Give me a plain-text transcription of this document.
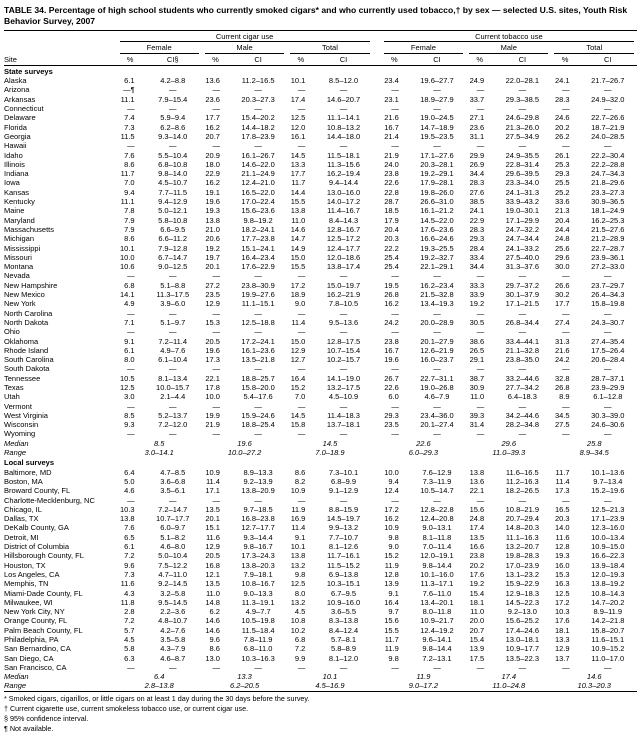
TABLE 34. Percentage of high school students who currently smoked cigars* and who currently used tobacco,† by sex — selected U.S. sites, Youth Risk Behavior Survey, 2007

	Current cigar use							Current tobacco use					

	Female		Male		Total			Female		Male		Total	

Site	%	CI§	%	CI	%	CI		%	CI	%	CI	%	CI
State surveys													
Alaska	6.1	4.2–8.8	13.6	11.2–16.5	10.1	8.5–12.0		23.4	19.6–27.7	24.9	22.0–28.1	24.1	21.7–26.7
Arizona	—¶	—	—	—	—	—		—	—	—	—	—	—
Arkansas	11.1	7.9–15.4	23.6	20.3–27.3	17.4	14.6–20.7		23.1	18.9–27.9	33.7	29.3–38.5	28.3	24.9–32.0
Connecticut	—	—	—	—	—	—		—	—	—	—	—	—
Delaware	7.4	5.9–9.4	17.7	15.4–20.2	12.5	11.1–14.1		21.6	19.0–24.5	27.1	24.6–29.8	24.6	22.7–26.6
Florida	7.3	6.2–8.6	16.2	14.4–18.2	12.0	10.8–13.2		16.7	14.7–18.9	23.6	21.3–26.0	20.2	18.7–21.9
Georgia	11.5	9.3–14.0	20.7	17.8–23.9	16.1	14.4–18.0		21.4	19.5–23.5	31.1	27.5–34.9	26.2	24.0–28.5
Hawaii	—	—	—	—	—	—		—	—	—	—	—	—
Idaho	7.6	5.5–10.4	20.9	16.1–26.7	14.5	11.5–18.1		21.9	17.1–27.6	29.9	24.9–35.5	26.1	22.2–30.4
Illinois	8.6	6.8–10.8	18.0	14.6–22.0	13.3	11.3–15.6		24.0	20.3–28.1	26.9	22.8–31.4	25.3	22.2–28.8
Indiana	11.7	9.8–14.0	22.9	21.1–24.9	17.7	16.2–19.4		23.8	19.2–29.1	34.4	29.6–39.5	29.3	24.7–34.3
Iowa	7.0	4.5–10.7	16.2	12.4–21.0	11.7	9.4–14.4		22.6	17.9–28.1	28.3	23.3–34.0	25.5	21.8–29.6
Kansas	9.4	7.7–11.5	19.1	16.5–22.0	14.4	13.0–16.0		22.8	19.8–26.0	27.6	24.1–31.3	25.2	23.3–27.3
Kentucky	11.1	9.4–12.9	19.6	17.0–22.4	15.5	14.0–17.2		28.7	26.6–31.0	38.5	33.9–43.2	33.6	30.9–36.5
Maine	7.8	5.0–12.1	19.3	15.6–23.6	13.8	11.4–16.7		18.5	16.1–21.2	24.1	19.0–30.1	21.3	18.1–24.9
Maryland	7.9	5.8–10.8	13.8	9.8–19.2	11.0	8.4–14.3		17.9	14.5–22.0	22.9	17.1–29.9	20.4	16.2–25.3
Massachusetts	7.9	6.6–9.5	21.0	18.2–24.1	14.6	12.8–16.7		20.4	17.6–23.6	28.3	24.7–32.2	24.4	21.5–27.6
Michigan	8.6	6.6–11.2	20.6	17.7–23.8	14.7	12.5–17.2		20.3	16.6–24.6	29.3	24.7–34.4	24.8	21.2–28.9
Mississippi	10.1	7.9–12.8	19.2	15.1–24.1	14.9	12.4–17.7		22.2	19.3–25.5	28.4	24.1–33.2	25.6	22.7–28.7
Missouri	10.0	6.7–14.7	19.7	16.4–23.4	15.0	12.0–18.6		25.4	19.2–32.7	33.4	27.5–40.0	29.6	23.9–36.1
Montana	10.6	9.0–12.5	20.1	17.6–22.9	15.5	13.8–17.4		25.4	22.1–29.1	34.4	31.3–37.6	30.0	27.2–33.0
Nevada	—	—	—	—	—	—		—	—	—	—	—	—
New Hampshire	6.8	5.1–8.8	27.2	23.8–30.9	17.2	15.0–19.7		19.5	16.2–23.4	33.3	29.7–37.2	26.6	23.7–29.7
New Mexico	14.1	11.3–17.5	23.5	19.9–27.6	18.9	16.2–21.9		26.8	21.5–32.8	33.9	30.1–37.9	30.2	26.4–34.3
New York	4.9	3.9–6.0	12.9	11.1–15.1	9.0	7.8–10.5		16.2	13.4–19.3	19.2	17.1–21.5	17.7	15.8–19.8
North Carolina	—	—	—	—	—	—		—	—	—	—	—	—
North Dakota	7.1	5.1–9.7	15.3	12.5–18.8	11.4	9.5–13.6		24.2	20.0–28.9	30.5	26.8–34.4	27.4	24.3–30.7
Ohio	—	—	—	—	—	—		—	—	—	—	—	—
Oklahoma	9.1	7.2–11.4	20.5	17.2–24.1	15.0	12.8–17.5		23.8	20.1–27.9	38.6	33.4–44.1	31.3	27.4–35.4
Rhode Island	6.1	4.9–7.6	19.6	16.1–23.6	12.9	10.7–15.4		16.7	12.6–21.9	26.5	21.1–32.8	21.6	17.5–26.4
South Carolina	8.0	6.1–10.4	17.3	13.5–21.8	12.7	10.2–15.7		19.6	16.0–23.7	29.1	23.8–35.0	24.2	20.6–28.4
South Dakota	—	—	—	—	—	—		—	—	—	—	—	—
Tennessee	10.5	8.1–13.4	22.1	18.8–25.7	16.4	14.1–19.0		26.7	22.7–31.1	38.7	33.2–44.6	32.8	28.7–37.1
Texas	12.5	10.0–15.7	17.8	15.8–20.0	15.2	13.2–17.5		22.6	19.0–26.8	30.9	27.7–34.2	26.8	23.9–29.9
Utah	3.0	2.1–4.4	10.0	5.4–17.6	7.0	4.5–10.9		6.0	4.6–7.9	11.0	6.4–18.3	8.9	6.1–12.8
Vermont	—	—	—	—	—	—		—	—	—	—	—	—
West Virginia	8.5	5.2–13.7	19.9	15.9–24.6	14.5	11.4–18.3		29.3	23.4–36.0	39.3	34.2–44.6	34.5	30.3–39.0
Wisconsin	9.3	7.2–12.0	21.9	18.8–25.4	15.8	13.7–18.1		23.5	20.1–27.4	31.4	28.2–34.8	27.5	24.6–30.6
Wyoming	—	—	—	—	—	—		—	—	—	—	—	—
Median	8.5		19.6		14.5			22.6		29.6		25.8	
Range	3.0–14.1		10.0–27.2		7.0–18.9			6.0–29.3		11.0–39.3		8.9–34.5	
Local surveys													
Baltimore, MD	6.4	4.7–8.5	10.9	8.9–13.3	8.6	7.3–10.1		10.0	7.6–12.9	13.8	11.6–16.5	11.7	10.1–13.6
Boston, MA	5.0	3.6–6.8	11.4	9.2–13.9	8.2	6.8–9.9		9.4	7.3–11.9	13.6	11.2–16.3	11.4	9.7–13.4
Broward County, FL	4.6	3.5–6.1	17.1	13.8–20.9	10.9	9.1–12.9		12.4	10.5–14.7	22.1	18.2–26.5	17.3	15.2–19.6
Charlotte-Mecklenburg, NC	—	—	—	—	—	—		—	—	—	—	—	—
Chicago, IL	10.3	7.2–14.7	13.5	9.7–18.5	11.9	8.8–15.9		17.2	12.8–22.8	15.6	10.8–21.9	16.5	12.5–21.3
Dallas, TX	13.8	10.7–17.7	20.1	16.8–23.8	16.9	14.5–19.7		16.2	12.4–20.8	24.8	20.7–29.4	20.3	17.1–23.9
DeKalb County, GA	7.6	6.0–9.7	15.1	12.7–17.7	11.4	9.9–13.2		10.9	9.0–13.1	17.4	14.8–20.3	14.0	12.3–16.0
Detroit, MI	6.5	5.1–8.2	11.6	9.3–14.4	9.1	7.7–10.7		9.8	8.1–11.8	13.5	11.1–16.3	11.6	10.0–13.4
District of Columbia	6.1	4.6–8.0	12.9	9.8–16.7	10.1	8.1–12.6		9.0	7.0–11.4	16.6	13.2–20.7	12.8	10.9–15.0
Hillsborough County, FL	7.2	5.0–10.4	20.5	17.3–24.3	13.8	11.7–16.1		15.2	12.0–19.1	23.8	19.8–28.3	19.3	16.6–22.3
Houston, TX	9.6	7.5–12.2	16.8	13.8–20.3	13.2	11.5–15.2		11.9	9.8–14.4	20.2	17.0–23.9	16.0	13.9–18.4
Los Angeles, CA	7.3	4.7–11.0	12.1	7.9–18.1	9.8	6.9–13.8		12.8	10.1–16.0	17.6	13.1–23.2	15.3	12.0–19.3
Memphis, TN	11.6	9.2–14.5	13.5	10.8–16.7	12.5	10.3–15.1		13.9	11.3–17.1	19.2	15.9–22.9	16.3	13.8–19.2
Miami-Dade County, FL	4.3	3.2–5.8	11.0	9.0–13.3	8.0	6.7–9.5		9.1	7.6–11.0	15.4	12.9–18.3	12.5	10.8–14.3
Milwaukee, WI	11.8	9.5–14.5	14.8	11.3–19.1	13.2	10.9–16.0		16.4	13.4–20.1	18.1	14.5–22.3	17.2	14.7–20.2
New York City, NY	2.8	2.2–3.6	6.2	4.9–7.7	4.5	3.6–5.5		9.7	8.0–11.8	11.0	9.2–13.0	10.3	8.9–11.9
Orange County, FL	7.2	4.8–10.7	14.6	10.5–19.8	10.8	8.3–13.8		15.6	10.9–21.7	20.0	15.6–25.2	17.6	14.2–21.8
Palm Beach County, FL	5.7	4.2–7.6	14.6	11.5–18.4	10.2	8.4–12.4		15.5	12.4–19.2	20.7	17.4–24.6	18.1	15.8–20.7
Philadelphia, PA	4.5	3.5–5.8	9.6	7.8–11.9	6.8	5.7–8.1		11.7	9.6–14.1	15.4	13.0–18.1	13.3	11.6–15.1
San Bernardino, CA	5.8	4.3–7.9	8.6	6.8–11.0	7.2	5.8–8.9		11.9	9.8–14.4	13.9	10.9–17.7	12.9	10.9–15.2
San Diego, CA	6.3	4.6–8.7	13.0	10.3–16.3	9.9	8.1–12.0		9.8	7.2–13.1	17.5	13.5–22.3	13.7	11.0–17.0
San Francisco, CA	—	—	—	—	—	—		—	—	—	—	—	—
Median	6.4		13.3		10.1			11.9		17.4		14.6	
Range	2.8–13.8		6.2–20.5		4.5–16.9			9.0–17.2		11.0–24.8		10.3–20.3	
* Smoked cigars, cigarillos, or little cigars on at least 1 day during the 30 days before the survey.
† Current cigarette use, current smokeless tobacco use, or current cigar use.
§ 95% confidence interval.
¶ Not available.
